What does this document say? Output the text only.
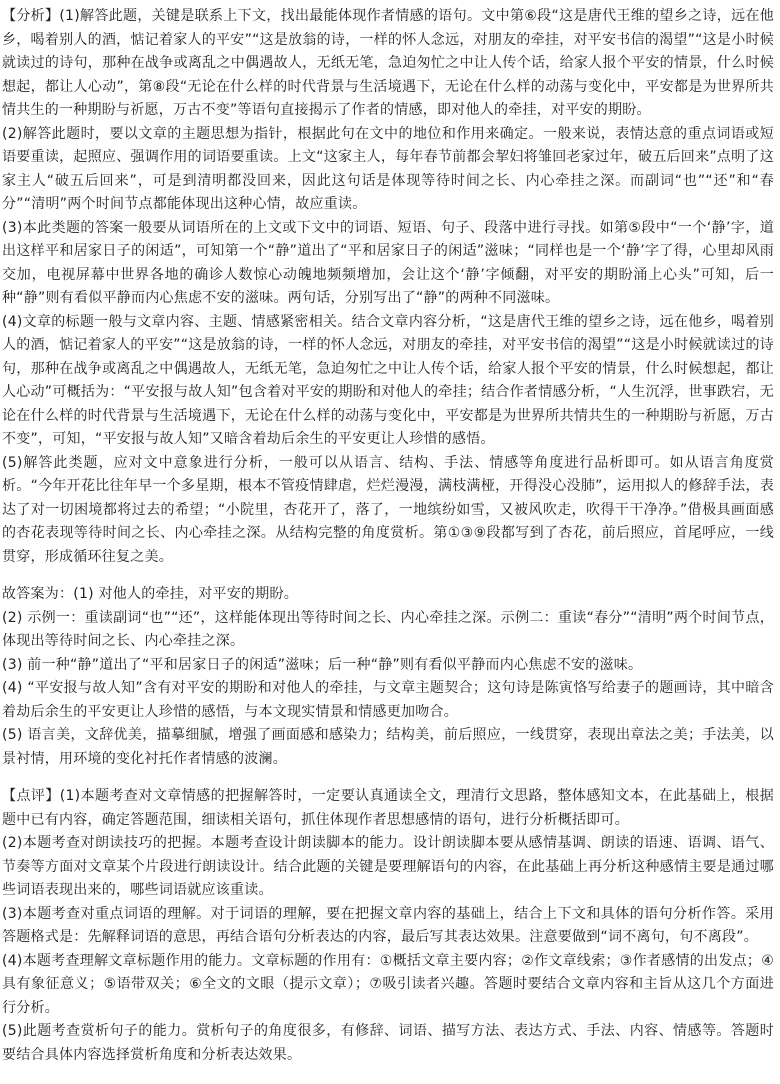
【分析】(1)解答此题，关键是联系上下文，找出最能体现作者情感的语句。文中第⑥段“这是唐代王维的望乡之诗，远在他乡，喝着别人的酒，惦记着家人的平安”“这是放翁的诗，一样的怀人念远，对朋友的牵挂，对平安书信的渴望”“这是小时候就读过的诗句，那种在战争或离乱之中偶遇故人，无纸无笔，急迫匆忙之中让人传个话，给家人报个平安的情景，什么时候想起，都让人心动”，第⑧段“无论在什么样的时代背景与生活境遇下，无论在什么样的动荡与变化中，平安都是为世界所共情共生的一种期盼与祈愿，万古不变”等语句直接揭示了作者的情感，即对他人的牵挂，对平安的期盼。

(2)解答此题时，要以文章的主题思想为指针，根据此句在文中的地位和作用来确定。一般来说，表情达意的重点词语或短语要重读，起照应、强调作用的词语要重读。上文“这家主人，每年春节前都会挈妇将雏回老家过年，破五后回来”点明了这家主人“破五后回来”，可是到清明都没回来，因此这句话是体现等待时间之长、内心牵挂之深。而副词“也”“还”和“春分”“清明”两个时间节点都能体现出这种心情，故应重读。

(3)本此类题的答案一般要从词语所在的上文或下文中的词语、短语、句子、段落中进行寻找。如第⑤段中“一个‘静’字，道出这样平和居家日子的闲适”，可知第一个“静”道出了“平和居家日子的闲适”滋味；“同样也是一个‘静’字了得，心里却风雨交加，电视屏幕中世界各地的确诊人数惊心动魄地频频增加，会让这个‘静’字倾翻，对平安的期盼涌上心头”可知，后一种“静”则有看似平静而内心焦虑不安的滋味。两句话，分别写出了“静”的两种不同滋味。

(4)文章的标题一般与文章内容、主题、情感紧密相关。结合文章内容分析，“这是唐代王维的望乡之诗，远在他乡，喝着别人的酒，惦记着家人的平安”“这是放翁的诗，一样的怀人念远，对朋友的牵挂，对平安书信的渴望”“这是小时候就读过的诗句，那种在战争或离乱之中偶遇故人，无纸无笔，急迫匆忙之中让人传个话，给家人报个平安的情景，什么时候想起，都让人心动”可概括为：“平安报与故人知”包含着对平安的期盼和对他人的牵挂；结合作者情感分析，“人生沉浮，世事跌宕，无论在什么样的时代背景与生活境遇下，无论在什么样的动荡与变化中，平安都是为世界所共情共生的一种期盼与祈愿，万古不变”，可知，“平安报与故人知”又暗含着劫后余生的平安更让人珍惜的感悟。

(5)解答此类题，应对文中意象进行分析，一般可以从语言、结构、手法、情感等角度进行品析即可。如从语言角度赏析。“今年开花比往年早一个多星期，根本不管疫情肆虐，烂烂漫漫，满枝满桠，开得没心没肺”，运用拟人的修辞手法，表达了对一切困境都将过去的希望；“小院里，杏花开了，落了，一地缤纷如雪，又被风吹走，吹得干干净净。”借极具画面感的杏花表现等待时间之长、内心牵挂之深。从结构完整的角度赏析。第①③⑨段都写到了杏花，前后照应，首尾呼应，一线贯穿，形成循环往复之美。

故答案为：(1) 对他人的牵挂，对平安的期盼。

(2) 示例一：重读副词“也”“还”，这样能体现出等待时间之长、内心牵挂之深。示例二：重读“春分”“清明”两个时间节点，体现出等待时间之长、内心牵挂之深。

(3) 前一种“静”道出了“平和居家日子的闲适”滋味；后一种“静”则有看似平静而内心焦虑不安的滋味。

(4) “平安报与故人知”含有对平安的期盼和对他人的牵挂，与文章主题契合；这句诗是陈寅恪写给妻子的题画诗，其中暗含着劫后余生的平安更让人珍惜的感悟，与本文现实情景和情感更加吻合。

(5) 语言美，文辞优美，描摹细腻，增强了画面感和感染力；结构美，前后照应，一线贯穿，表现出章法之美；手法美，以景衬情，用环境的变化衬托作者情感的波澜。

【点评】(1)本题考查对文章情感的把握解答时，一定要认真通读全文，理清行文思路，整体感知文本，在此基础上，根据题中已有内容，确定答题范围，细读相关语句，抓住体现作者思想感情的语句，进行分析概括即可。

(2)本题考查对朗读技巧的把握。本题考查设计朗读脚本的能力。设计朗读脚本要从感情基调、朗读的语速、语调、语气、节奏等方面对文章某个片段进行朗读设计。结合此题的关键是要理解语句的内容，在此基础上再分析这种感情主要是通过哪些词语表现出来的，哪些词语就应该重读。

(3)本题考查对重点词语的理解。对于词语的理解，要在把握文章内容的基础上，结合上下文和具体的语句分析作答。采用答题格式是：先解释词语的意思，再结合语句分析表达的内容，最后写其表达效果。注意要做到“词不离句，句不离段”。

(4)本题考查理解文章标题作用的能力。文章标题的作用有：①概括文章主要内容；②作文章线索；③作者感情的出发点；④具有象征意义；⑤语带双关；⑥全文的文眼（提示文章）；⑦吸引读者兴趣。答题时要结合文章内容和主旨从这几个方面进行分析。

(5)此题考查赏析句子的能力。赏析句子的角度很多，有修辞、词语、描写方法、表达方式、手法、内容、情感等。答题时要结合具体内容选择赏析角度和分析表达效果。
